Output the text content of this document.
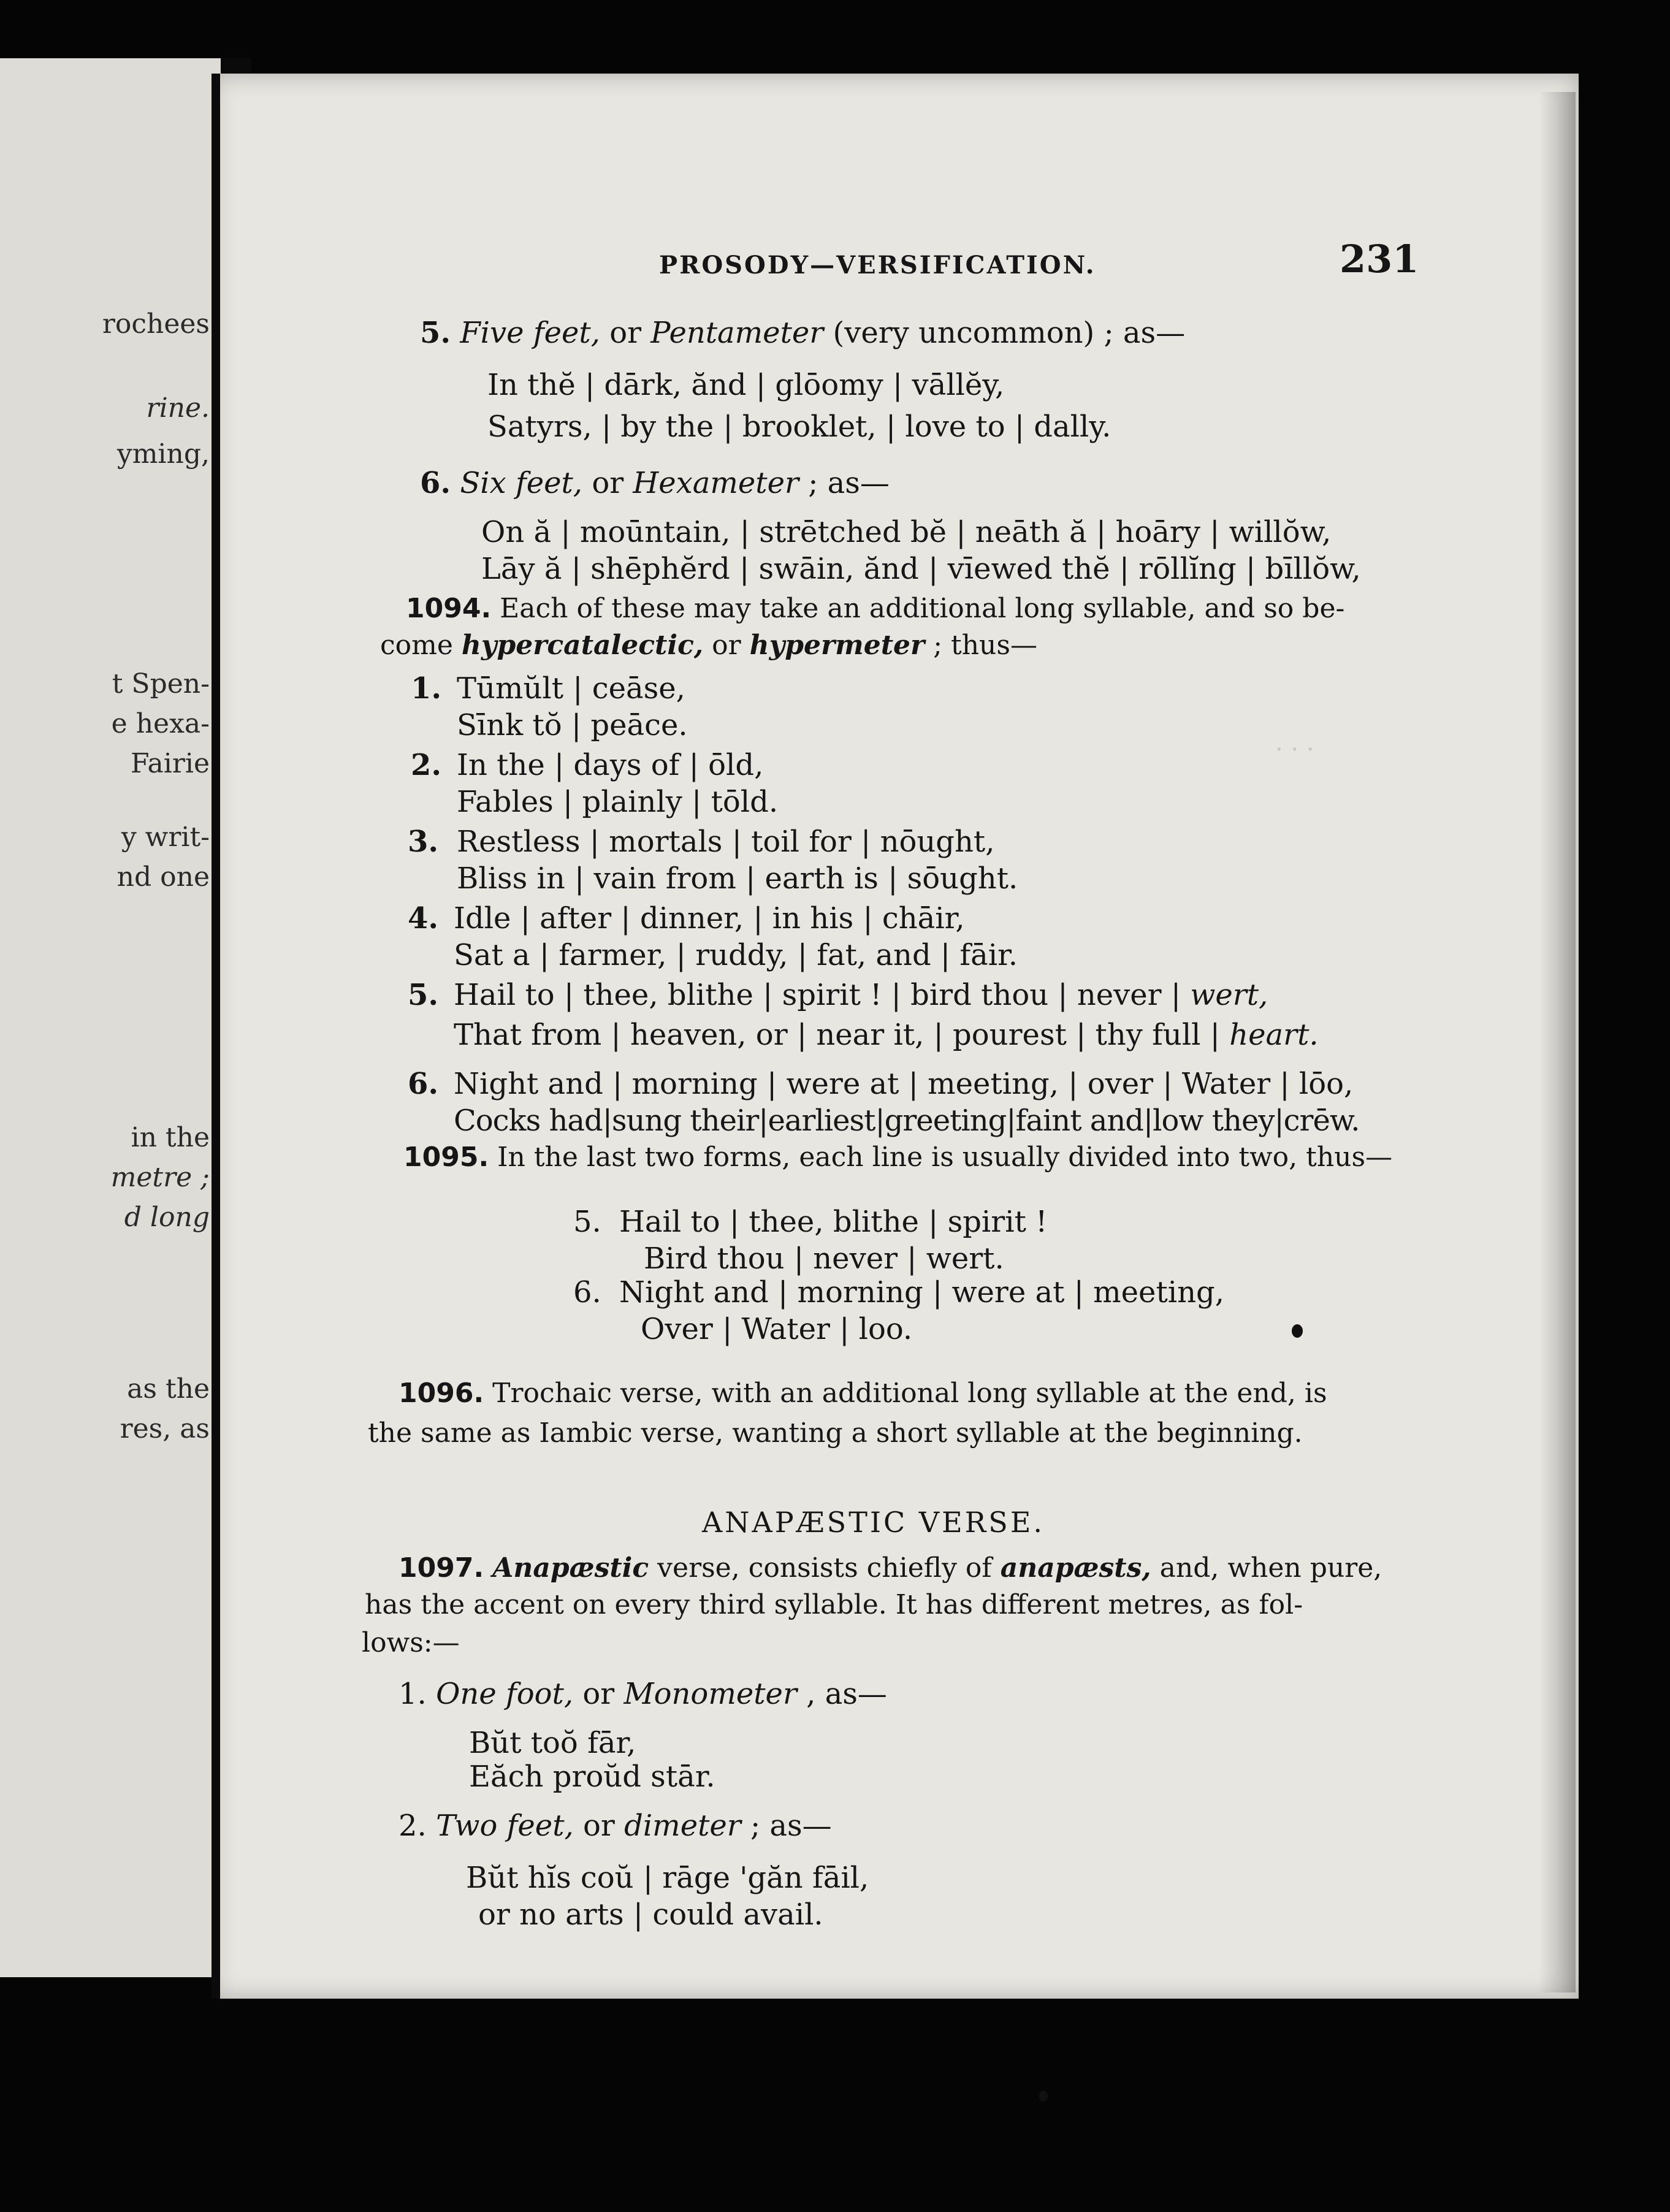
rochees
rine.
yming,
t Spen-
e hexa-
Fairie
y writ-
nd one
in the
metre ;
d long
as the
res, as
· · ·
PROSODY—VERSIFICATION.	231
5. Five feet, or Pentameter (very uncommon) ; as—
In thĕ | dārk, ănd | glōomy | vāllĕy,
Satyrs, | by the | brooklet, | love to | dally.
6. Six feet, or Hexameter ; as—
On ă | moūntain, | strētched bĕ | neāth ă | hoāry | willŏw,
Lāy ă | shēphĕrd | swāin, ănd | vīewed thĕ | rōllĭng | bīllŏw,
1094. Each of these may take an additional long syllable, and so be-
come hypercatalectic, or hypermeter ; thus—
1. Tūmŭlt | ceāse,
Sīnk tŏ | peāce.
2. In the | days of | ōld,
Fables | plainly | tōld.
3. Restless | mortals | toil for | nōught,
Bliss in | vain from | earth is | sōught.
4. Idle | after | dinner, | in his | chāir,
Sat a | farmer, | ruddy, | fat, and | fāir.
5. Hail to | thee, blithe | spirit ! | bird thou | never | wert,
That from | heaven, or | near it, | pourest | thy full | heart.
6. Night and | morning | were at | meeting, | over | Water | lōo,
Cocks had|sung their|earliest|greeting|faint and|low they|crēw.
1095. In the last two forms, each line is usually divided into two, thus—
5. Hail to | thee, blithe | spirit !
Bird thou | never | wert.
6. Night and | morning | were at | meeting,
Over | Water | loo.
1096. Trochaic verse, with an additional long syllable at the end, is
the same as Iambic verse, wanting a short syllable at the beginning.
ANAPÆSTIC VERSE.
1097. Anapæstic verse, consists chiefly of anapæsts, and, when pure,
has the accent on every third syllable. It has different metres, as fol-
lows:—
1. One foot, or Monometer , as—
Bŭt toŏ fār,
Eăch proŭd stār.
2. Two feet, or dimeter ; as—
Bŭt hĭs coŭ | rāge 'găn fāil,
or no arts | could avail.
